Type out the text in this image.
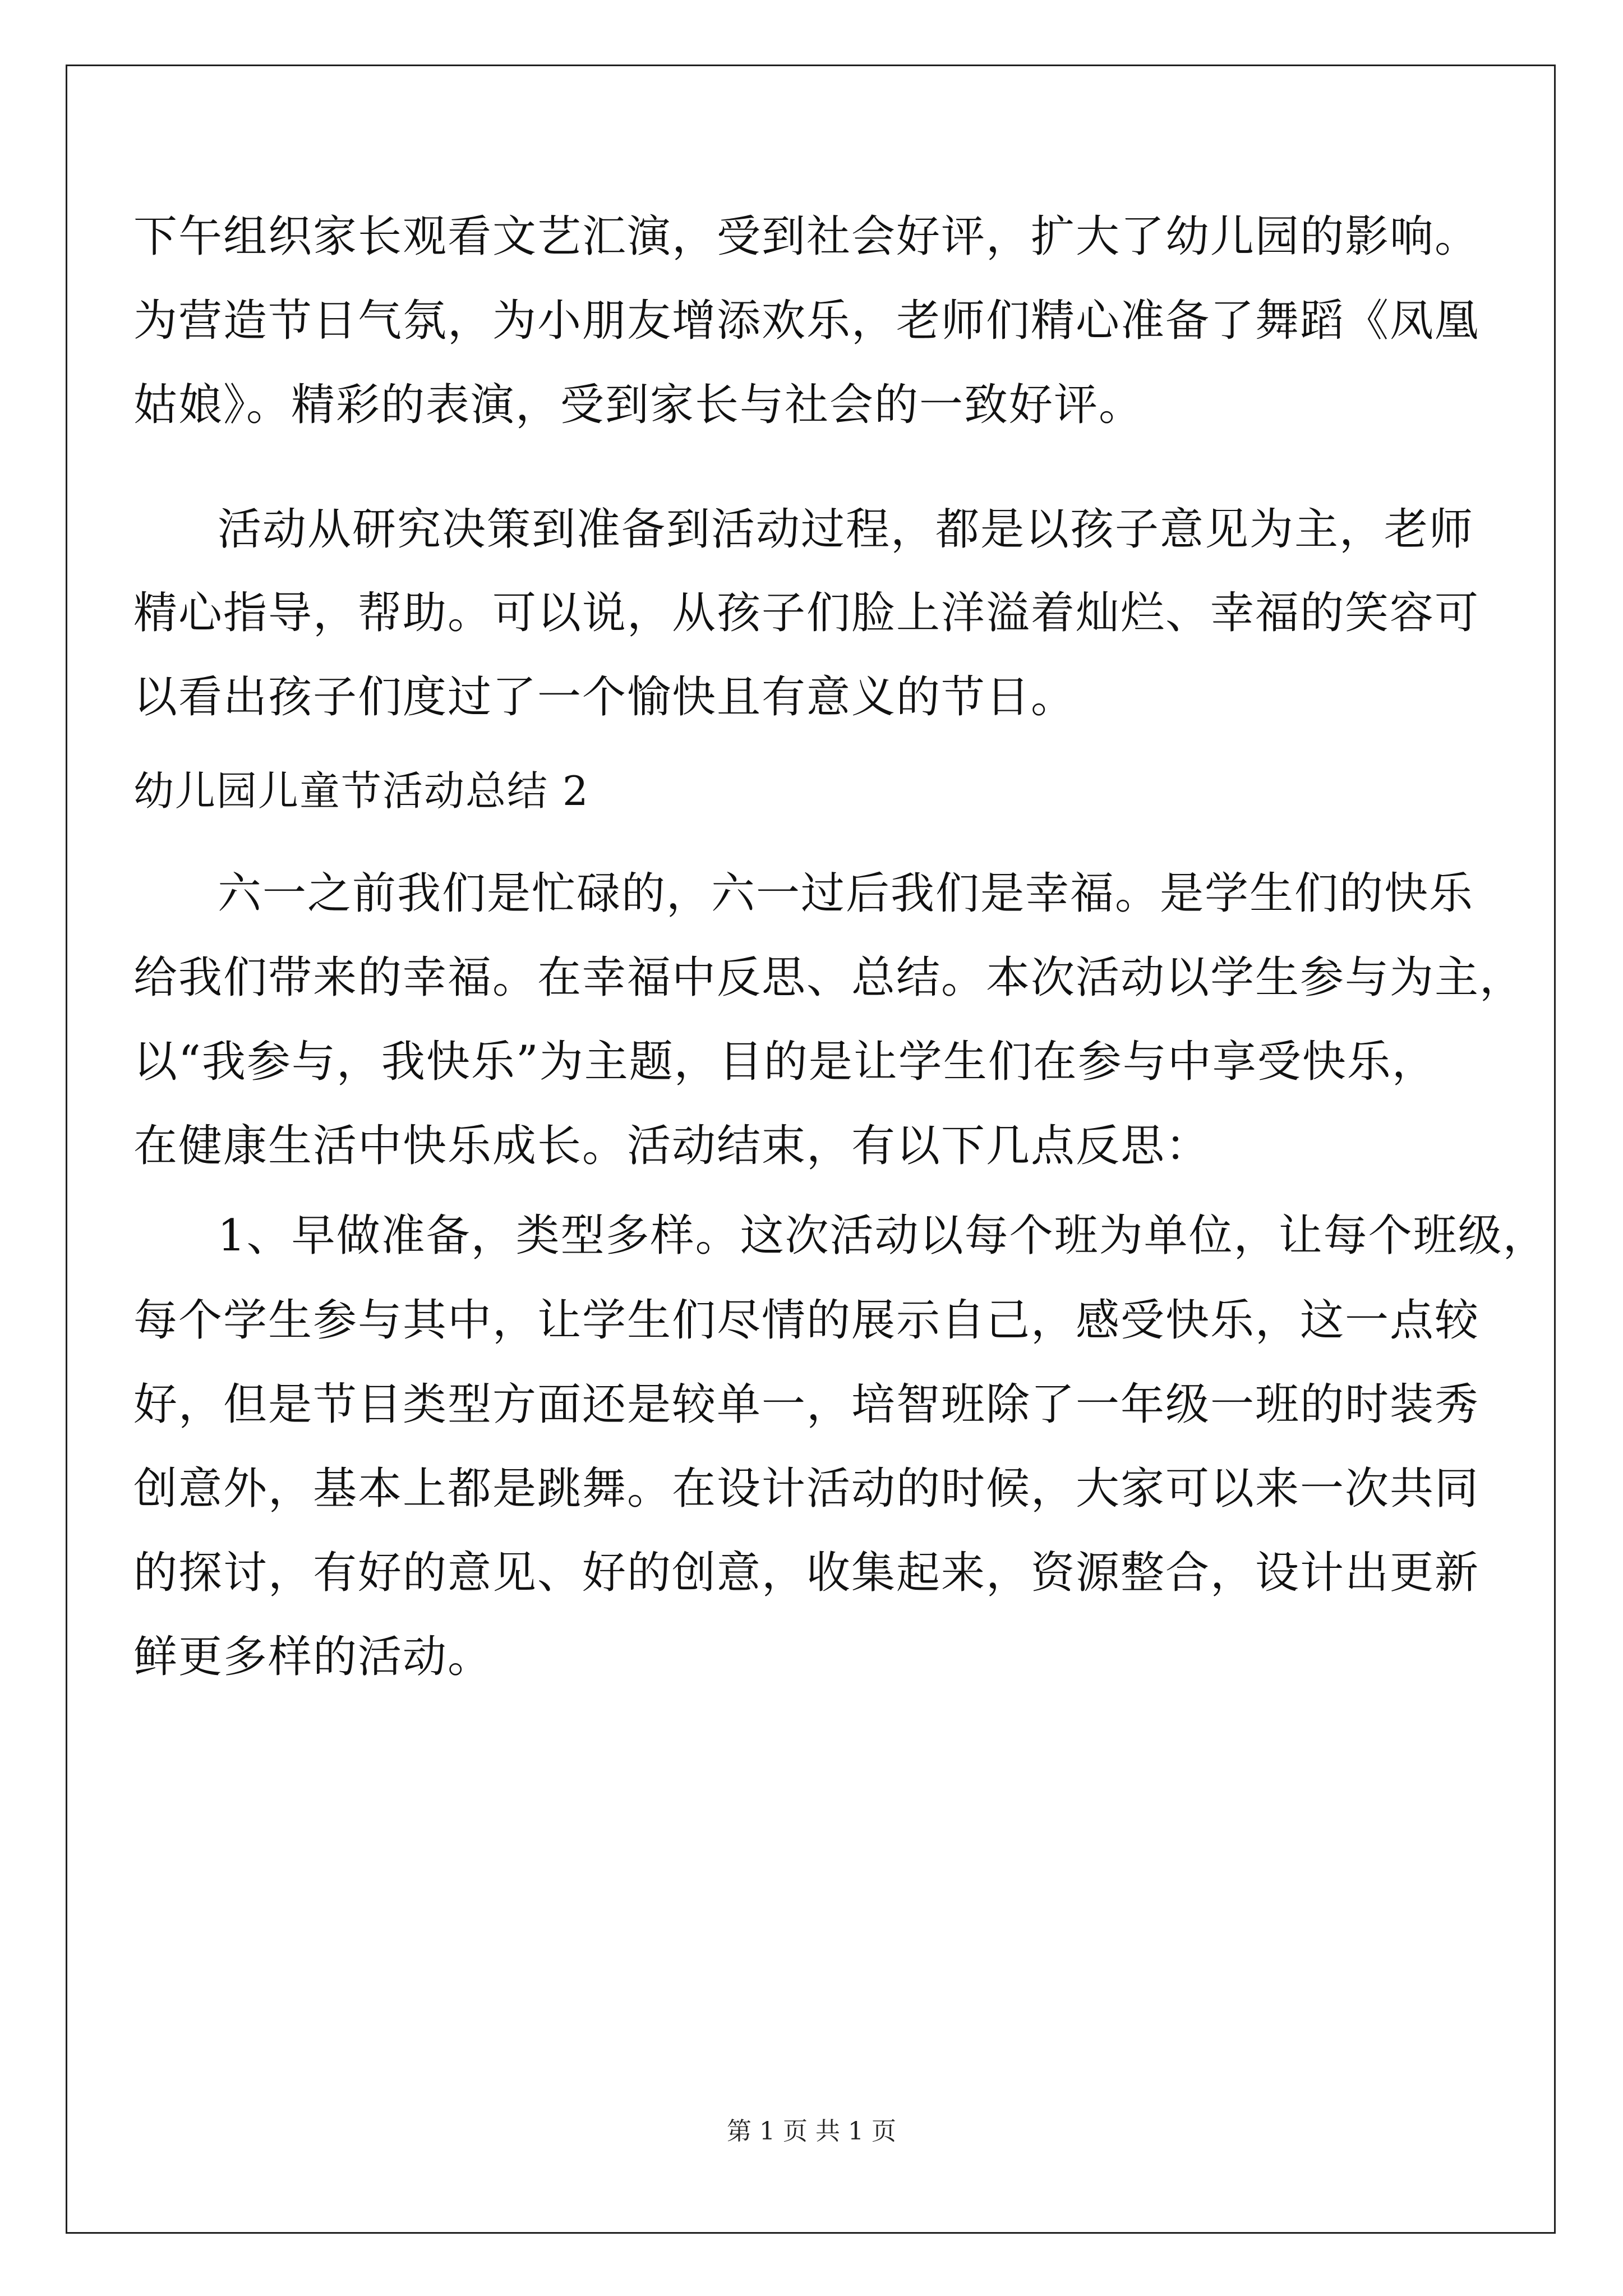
下午组织家长观看文艺汇演，受到社会好评，扩大了幼儿园的影响。
为营造节日气氛，为小朋友增添欢乐，老师们精心准备了舞蹈《凤凰
姑娘》。精彩的表演，受到家长与社会的一致好评。
活动从研究决策到准备到活动过程，都是以孩子意见为主，老师
精心指导，帮助。可以说，从孩子们脸上洋溢着灿烂、幸福的笑容可
以看出孩子们度过了一个愉快且有意义的节日。
幼儿园儿童节活动总结 2
六一之前我们是忙碌的，六一过后我们是幸福。是学生们的快乐
给我们带来的幸福。在幸福中反思、总结。本次活动以学生参与为主，
以“我参与，我快乐”为主题，目的是让学生们在参与中享受快乐，
在健康生活中快乐成长。活动结束，有以下几点反思：
1、早做准备，类型多样。这次活动以每个班为单位，让每个班级，
每个学生参与其中，让学生们尽情的展示自己，感受快乐，这一点较
好，但是节目类型方面还是较单一，培智班除了一年级一班的时装秀
创意外，基本上都是跳舞。在设计活动的时候，大家可以来一次共同
的探讨，有好的意见、好的创意，收集起来，资源整合，设计出更新
鲜更多样的活动。
第 1 页 共 1 页
